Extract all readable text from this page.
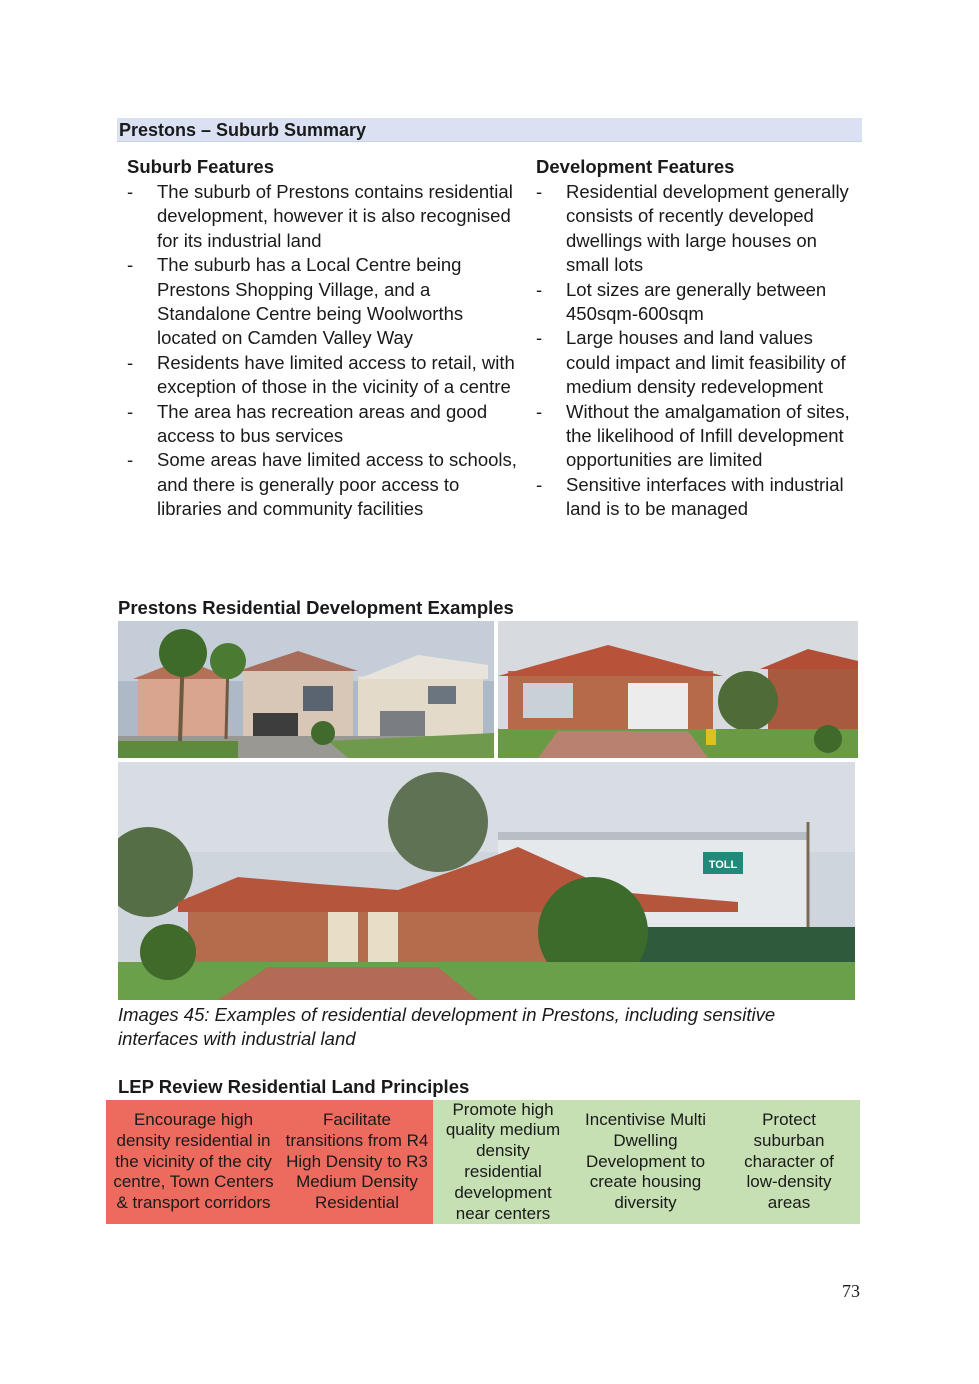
Prestons – Suburb Summary
Suburb Features
- The suburb of Prestons contains residential development, however it is also recognised for its industrial land
- The suburb has a Local Centre being Prestons Shopping Village, and a Standalone Centre being Woolworths located on Camden Valley Way
- Residents have limited access to retail, with exception of those in the vicinity of a centre
- The area has recreation areas and good access to bus services
- Some areas have limited access to schools, and there is generally poor access to libraries and community facilities
Development Features
- Residential development generally consists of recently developed dwellings with large houses on small lots
- Lot sizes are generally between 450sqm-600sqm
- Large houses and land values could impact and limit feasibility of medium density redevelopment
- Without the amalgamation of sites, the likelihood of Infill development opportunities are limited
- Sensitive interfaces with industrial land is to be managed
Prestons Residential Development Examples
TOLL
Images 45: Examples of residential development in Prestons, including sensitive interfaces with industrial land
LEP Review Residential Land Principles
Encourage high density residential in the vicinity of the city centre, Town Centers & transport corridors
Facilitate transitions from R4 High Density to R3 Medium Density Residential
Promote high quality medium density residential development near centers
Incentivise Multi Dwelling Development to create housing diversity
Protect suburban character of low-density areas
73
